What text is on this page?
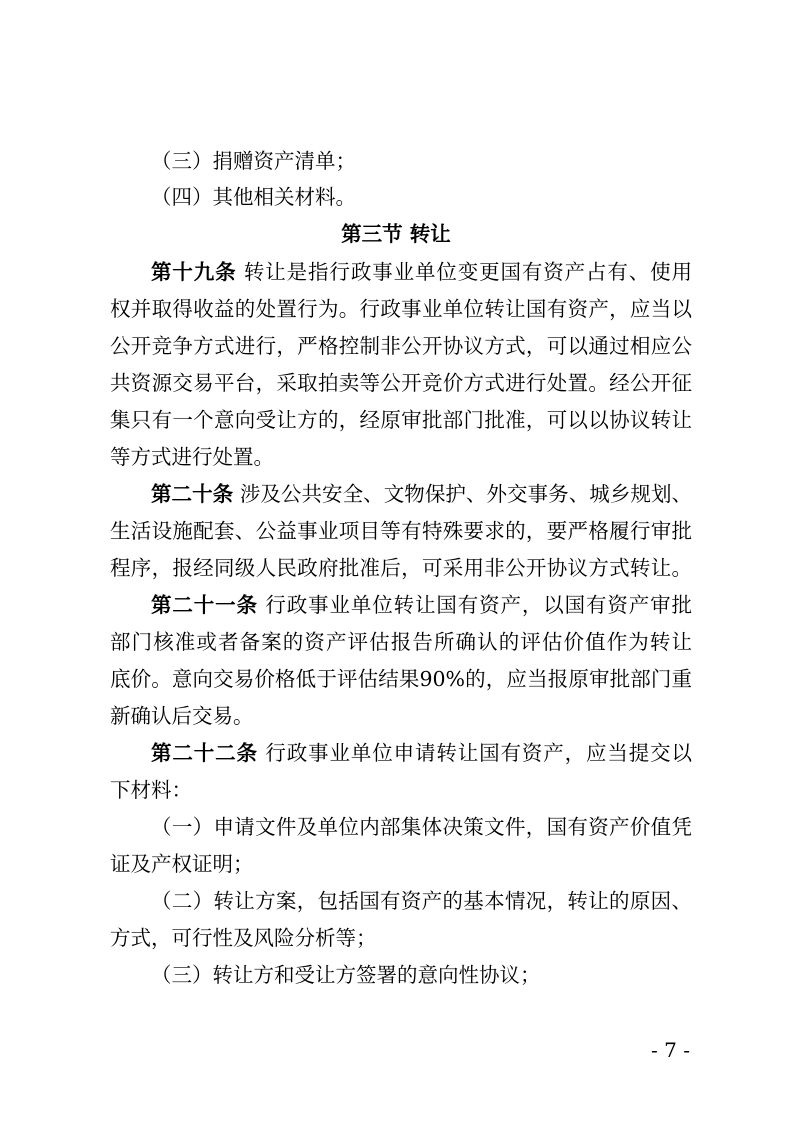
（三）捐赠资产清单；
（四）其他相关材料。
第三节 转让
第十九条 转让是指行政事业单位变更国有资产占有、使用
权并取得收益的处置行为。行政事业单位转让国有资产，应当以
公开竞争方式进行，严格控制非公开协议方式，可以通过相应公
共资源交易平台，采取拍卖等公开竞价方式进行处置。经公开征
集只有一个意向受让方的，经原审批部门批准，可以以协议转让
等方式进行处置。
第二十条 涉及公共安全、文物保护、外交事务、城乡规划、
生活设施配套、公益事业项目等有特殊要求的，要严格履行审批
程序，报经同级人民政府批准后，可采用非公开协议方式转让。
第二十一条 行政事业单位转让国有资产，以国有资产审批
部门核准或者备案的资产评估报告所确认的评估价值作为转让
底价。意向交易价格低于评估结果90%的，应当报原审批部门重
新确认后交易。
第二十二条 行政事业单位申请转让国有资产，应当提交以
下材料：
（一）申请文件及单位内部集体决策文件，国有资产价值凭
证及产权证明；
（二）转让方案，包括国有资产的基本情况，转让的原因、
方式，可行性及风险分析等；
（三）转让方和受让方签署的意向性协议；
- 7 -
